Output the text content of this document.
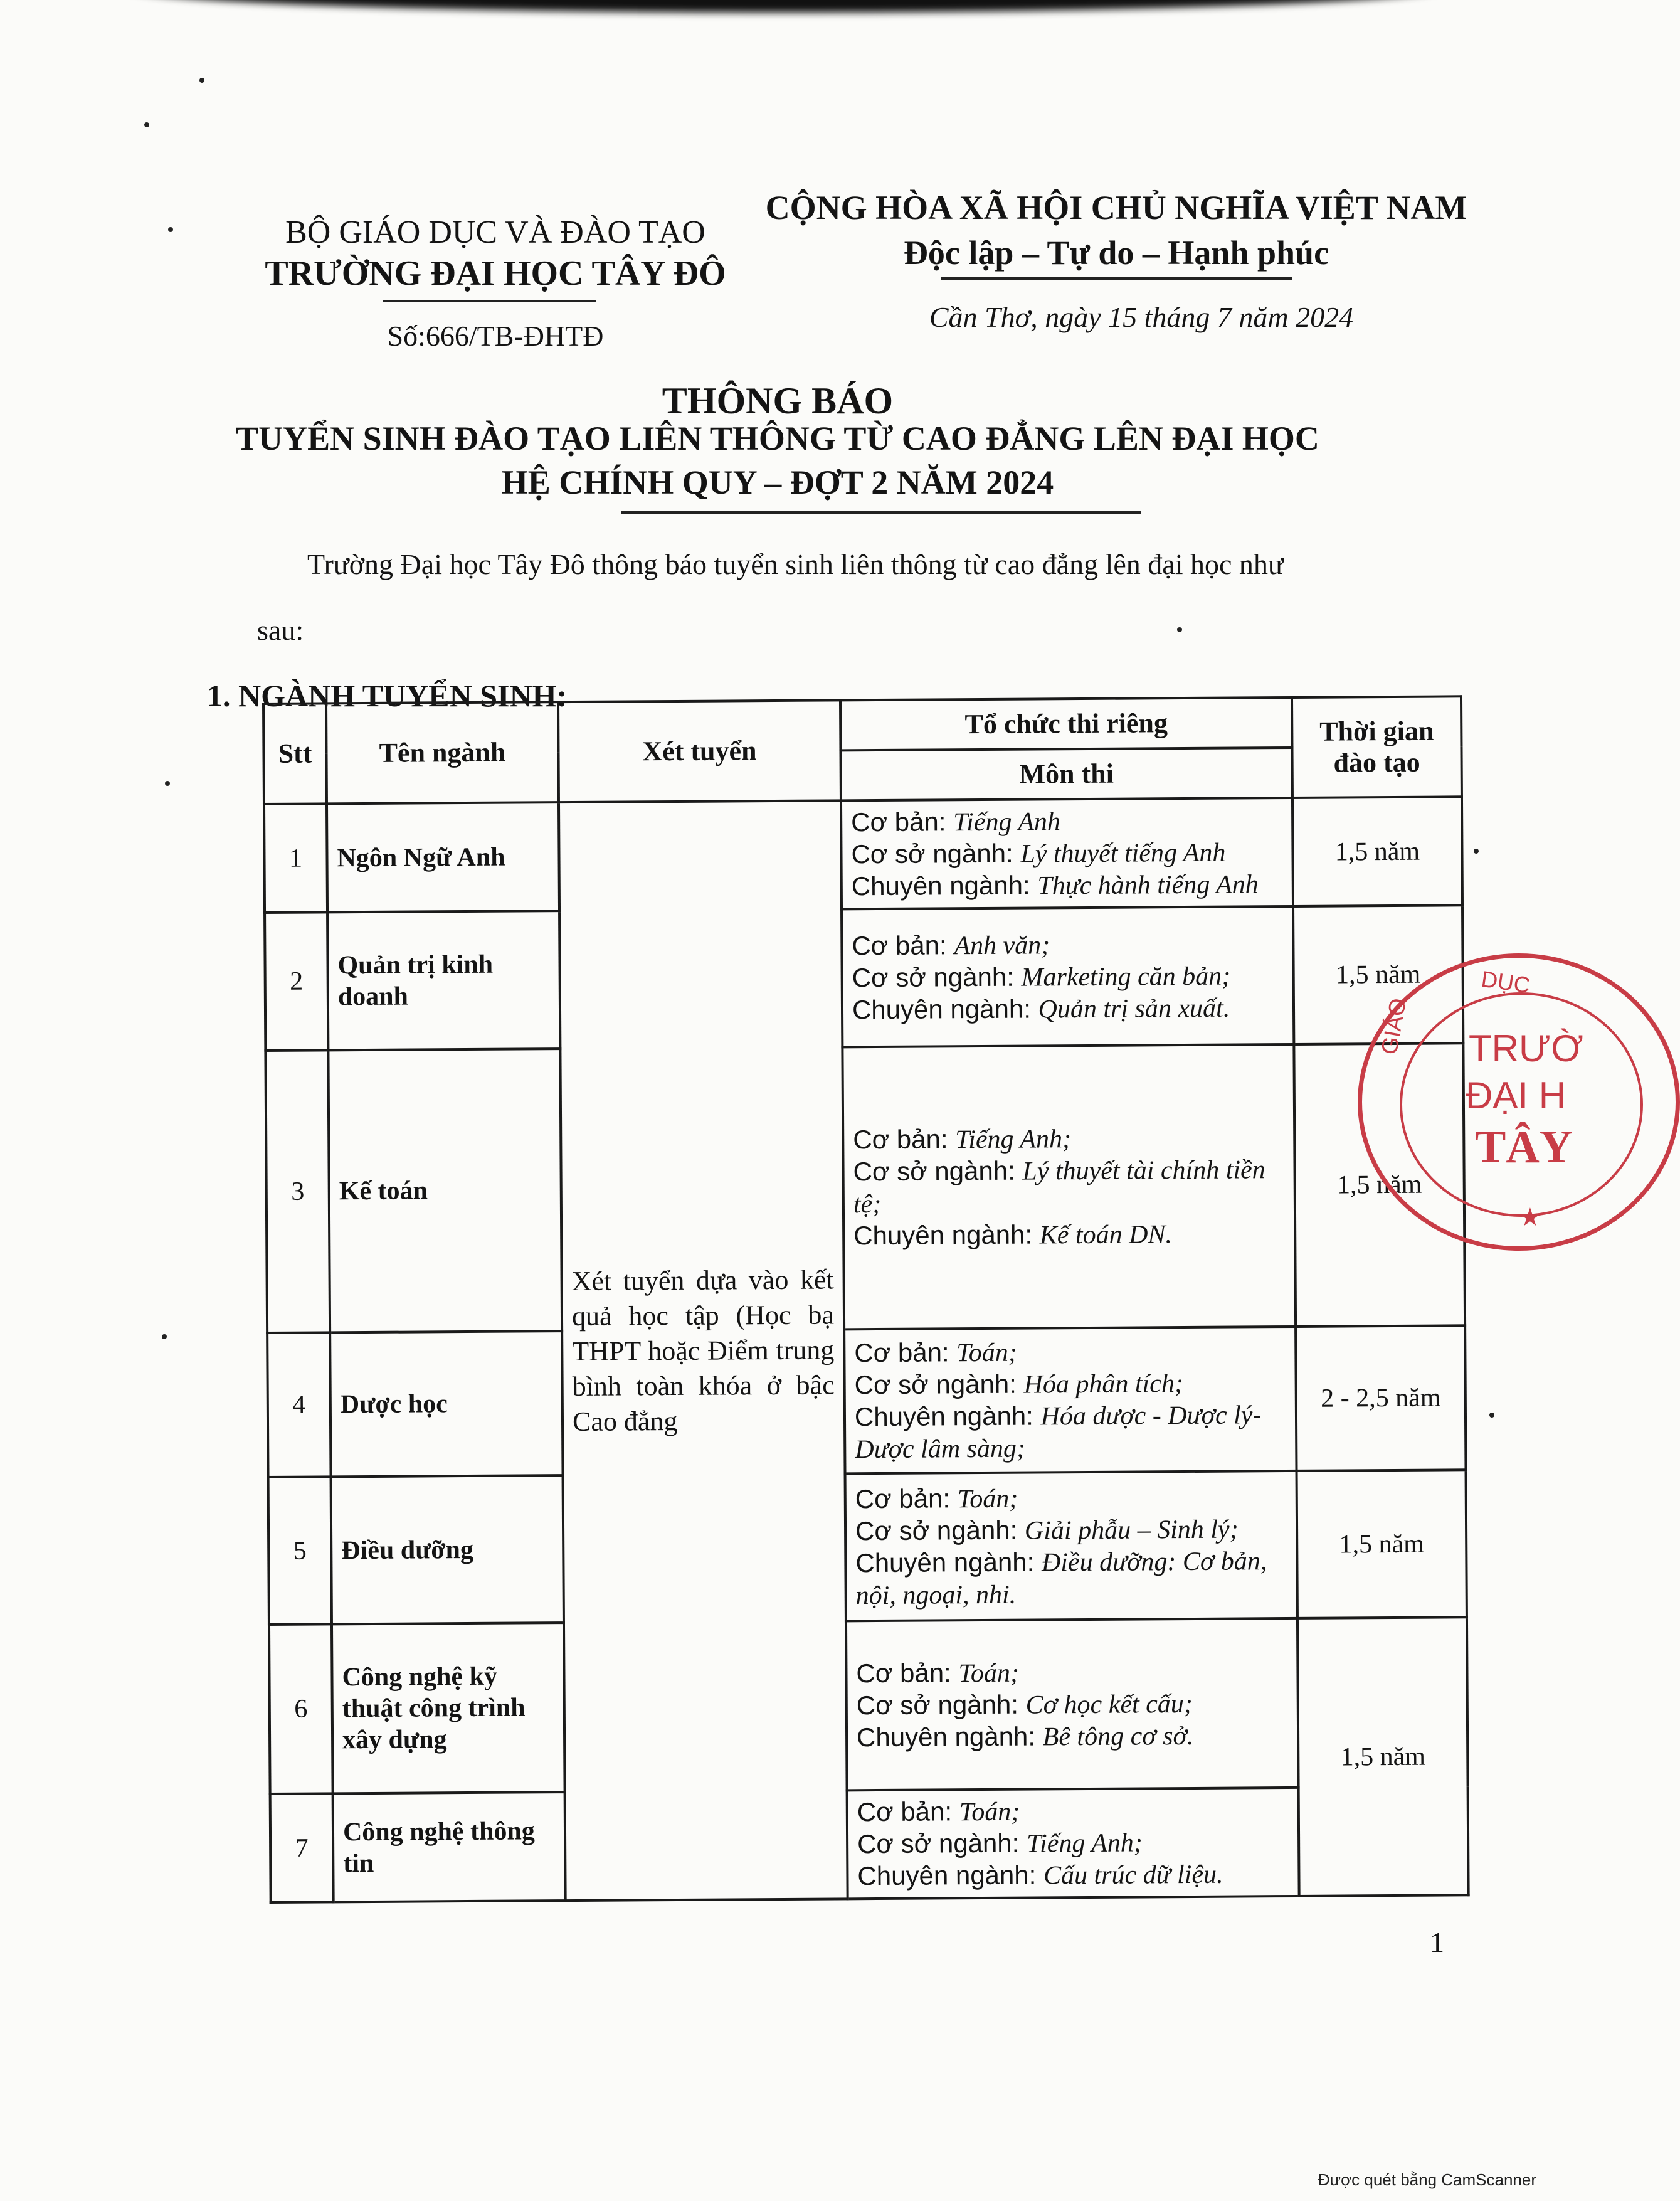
BỘ GIÁO DỤC VÀ ĐÀO TẠO
TRƯỜNG ĐẠI HỌC TÂY ĐÔ
Số:666/TB-ĐHTĐ
CỘNG HÒA XÃ HỘI CHỦ NGHĨA VIỆT NAM
Độc lập – Tự do – Hạnh phúc
Cần Thơ, ngày 15 tháng 7 năm 2024
THÔNG BÁO
TUYỂN SINH ĐÀO TẠO LIÊN THÔNG TỪ CAO ĐẲNG LÊN ĐẠI HỌC
HỆ CHÍNH QUY – ĐỢT 2 NĂM 2024
Trường Đại học Tây Đô thông báo tuyển sinh liên thông từ cao đẳng lên đại học như
sau:
1. NGÀNH TUYỂN SINH:
Stt	Tên ngành	Xét tuyển	Tổ chức thi riêng	Thời gian đào tạo
			Môn thi	
1	Ngôn Ngữ Anh	Xét tuyển dựa vào kết quả học tập (Học bạ THPT hoặc Điểm trung bình toàn khóa ở bậc Cao đẳng	Cơ bản: Tiếng Anh
Cơ sở ngành: Lý thuyết tiếng Anh
Chuyên ngành: Thực hành tiếng Anh	1,5 năm
2	Quản trị kinh doanh		Cơ bản: Anh văn;
Cơ sở ngành: Marketing căn bản;
Chuyên ngành: Quản trị sản xuất.	1,5 năm
3	Kế toán		Cơ bản: Tiếng Anh;
Cơ sở ngành: Lý thuyết tài chính tiền tệ;
Chuyên ngành: Kế toán DN.	1,5 năm
4	Dược học		Cơ bản: Toán;
Cơ sở ngành: Hóa phân tích;
Chuyên ngành: Hóa dược - Dược lý-Dược lâm sàng;	2 - 2,5 năm
5	Điều dưỡng		Cơ bản: Toán;
Cơ sở ngành: Giải phẫu – Sinh lý;
Chuyên ngành: Điều dưỡng: Cơ bản, nội, ngoại, nhi.	1,5 năm
6	Công nghệ kỹ thuật công trình xây dựng		Cơ bản: Toán;
Cơ sở ngành: Cơ học kết cấu;
Chuyên ngành: Bê tông cơ sở.	1,5 năm
7	Công nghệ thông tin		Cơ bản: Toán;
Cơ sở ngành: Tiếng Anh;
Chuyên ngành: Cấu trúc dữ liệu.	
DỤC
GIÁO TRƯỜ
ĐẠI H
TÂY
★
1
Được quét bằng CamScanner
